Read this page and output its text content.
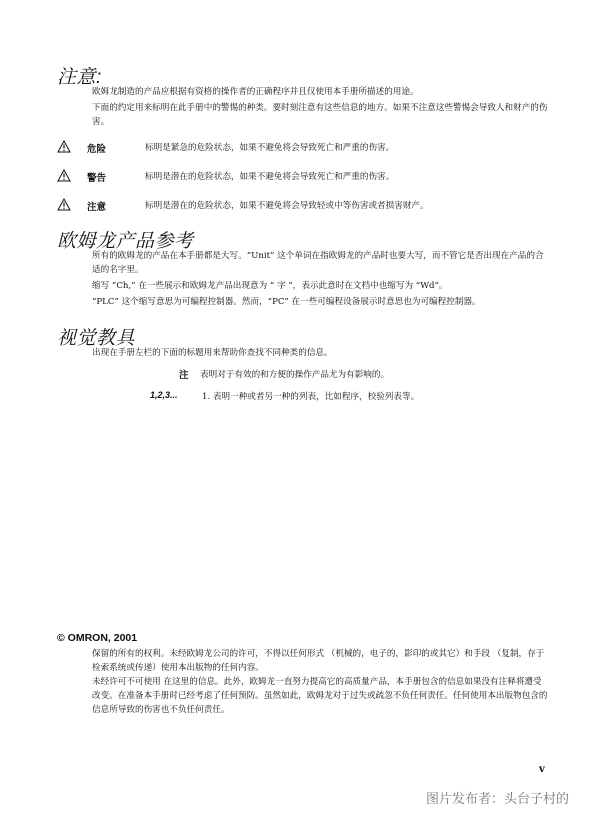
注意:

欧姆龙制造的产品应根据有资格的操作者的正确程序并且仅使用本手册所描述的用途。

下面的约定用来标明在此手册中的警惕的种类。要时刻注意有这些信息的地方。如果不注意这些警惕会导致人和财产的伤害。

危险	标明是紧急的危险状态，如果不避免将会导致死亡和严重的伤害。
警告	标明是潜在的危险状态，如果不避免将会导致死亡和严重的伤害。
注意	标明是潜在的危险状态，如果不避免将会导致轻或中等伤害或者损害财产。
欧姆龙产品参考

所有的欧姆龙的产品在本手册都是大写。“Unit” 这个单词在指欧姆龙的产品时也要大写，而不管它是否出现在产品的合适的名字里。

缩写 “Ch,” 在一些展示和欧姆龙产品出现意为 “ 字 ”，表示此意时在文档中也缩写为 “Wd”。

“PLC” 这个缩写意思为可编程控制器。然而，“PC” 在一些可编程设备展示时意思也为可编程控制器。

视觉教具

出现在手册左栏的下面的标题用来帮助你查找不同种类的信息。

注 表明对于有效的和方便的操作产品尤为有影响的。
1,2,3...	1. 表明一种或者另一种的列表，比如程序，校验列表等。
© OMRON, 2001

保留的所有的权利。未经欧姆龙公司的许可，不得以任何形式 （机械的，电子的，影印的或其它）和手段 （复制，存于检索系统或传递）使用本出版物的任何内容。

未经许可不可使用 在这里的信息。此外，欧姆龙一直努力提高它的高质量产品，本手册包含的信息如果没有注释将遭受改变。在准备本手册时已经考虑了任何预防。虽然如此，欧姆龙对于过失或疏忽不负任何责任。任何使用本出版物包含的信息所导致的伤害也不负任何责任。

v
图片发布者：头台子村的
